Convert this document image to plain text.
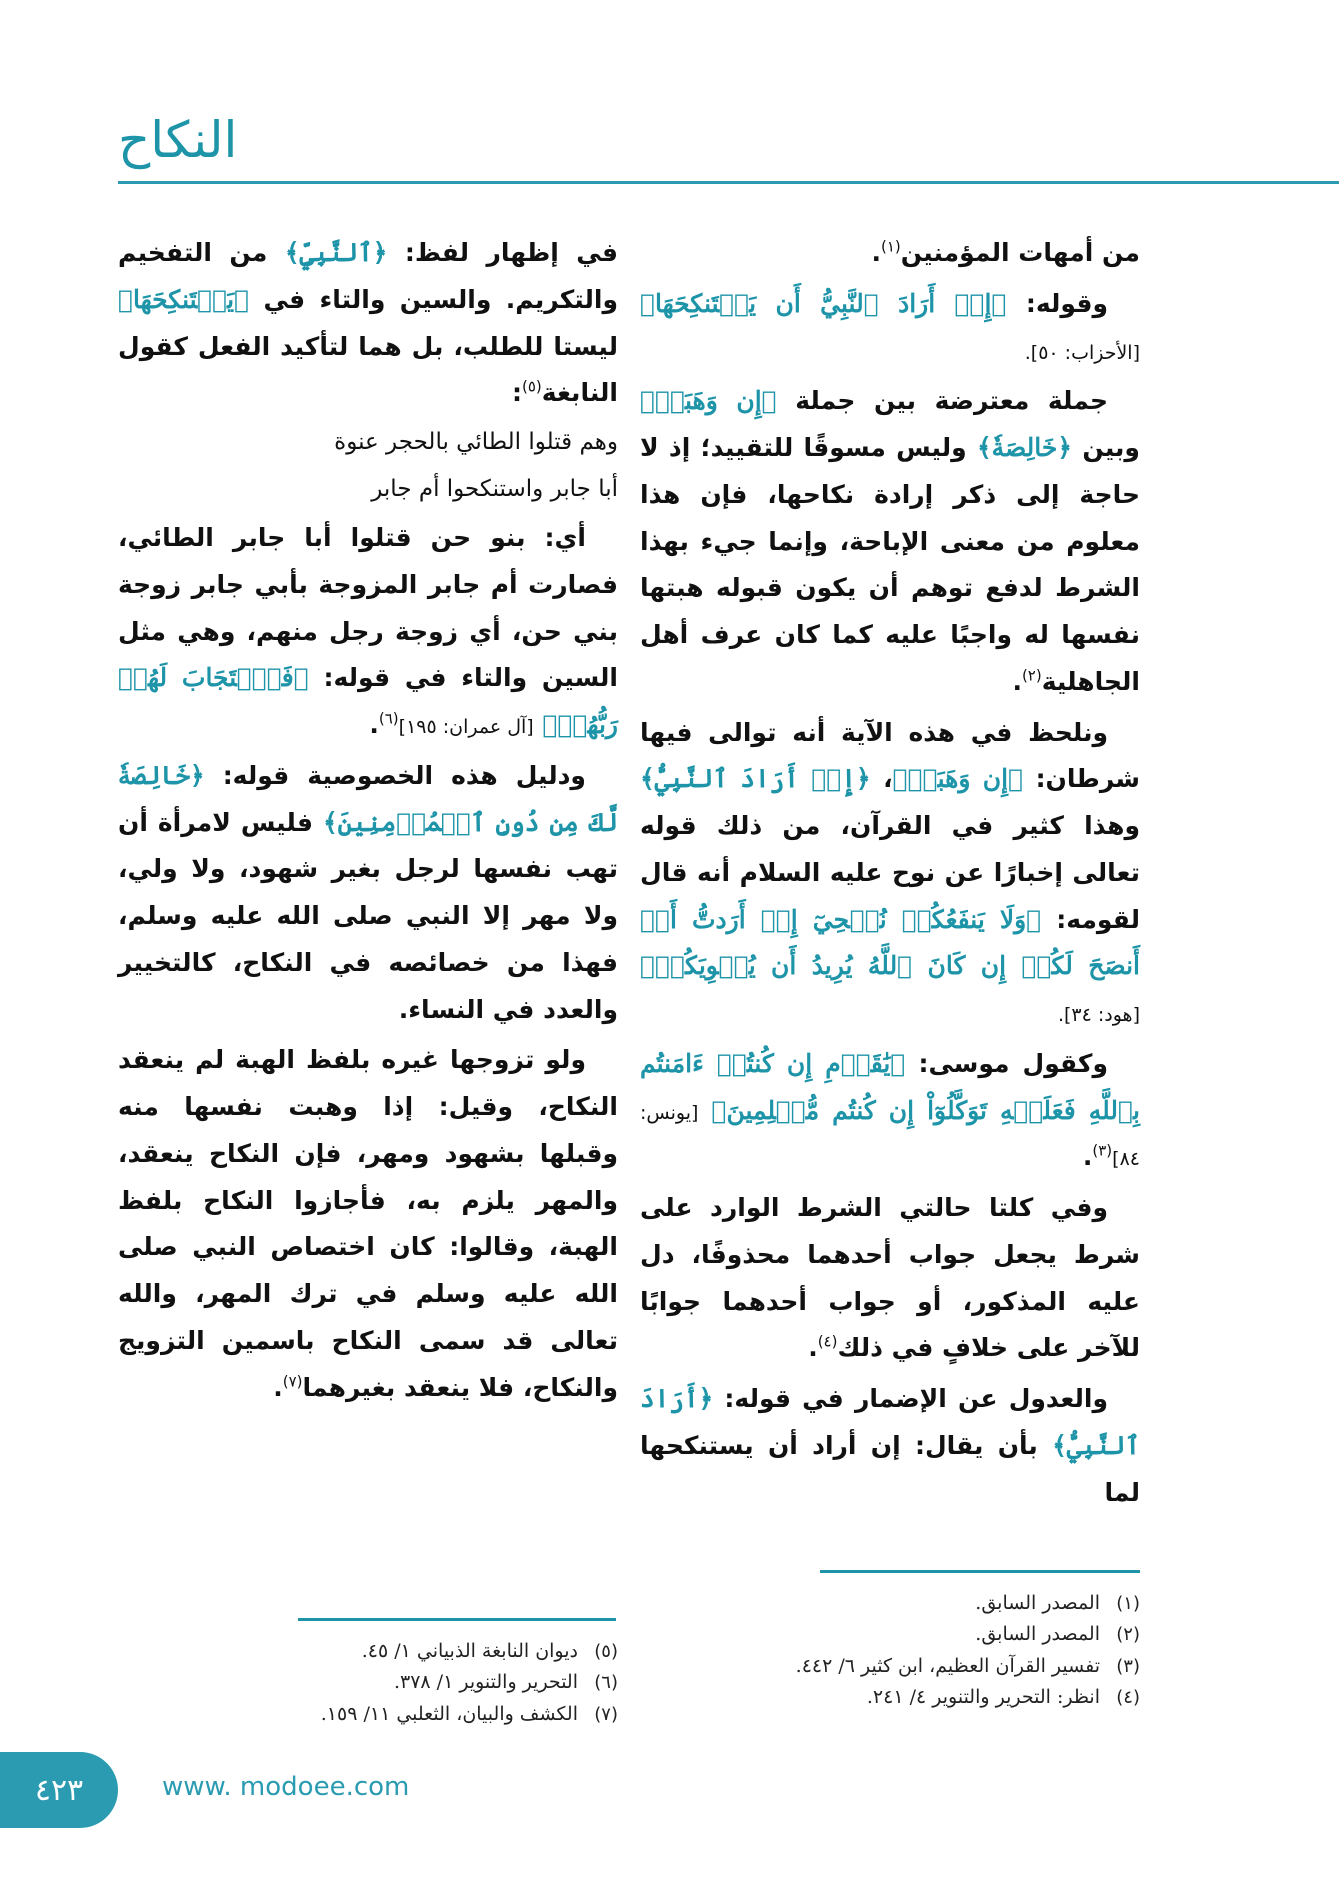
النكاح

من أمهات المؤمنين$^{(١)}$.

وقوله: ﴿إِنۡ أَرَادَ ٱلنَّبِيُّ أَن يَسۡتَنكِحَهَا﴾ [الأحزاب: ٥٠].

جملة معترضة بين جملة ﴿إِن وَهَبَتۡ﴾ وبين ﴿خَالِصَةٗ﴾ وليس مسوقًا للتقييد؛ إذ لا حاجة إلى ذكر إرادة نكاحها، فإن هذا معلوم من معنى الإباحة، وإنما جيء بهذا الشرط لدفع توهم أن يكون قبوله هبتها نفسها له واجبًا عليه كما كان عرف أهل الجاهلية$^{(٢)}$.

ونلحظ في هذه الآية أنه توالى فيها شرطان: ﴿إِن وَهَبَتۡ﴾، ﴿إِنۡ أَرَادَ ٱلنَّبِيُّ﴾ وهذا كثير في القرآن، من ذلك قوله تعالى إخبارًا عن نوح عليه السلام أنه قال لقومه: ﴿وَلَا يَنفَعُكُمۡ نُصۡحِيٓ إِنۡ أَرَدتُّ أَنۡ أَنصَحَ لَكُمۡ إِن كَانَ ٱللَّهُ يُرِيدُ أَن يُغۡوِيَكُمۡ﴾ [هود: ٣٤].

وكقول موسى: ﴿يَٰقَوۡمِ إِن كُنتُمۡ ءَامَنتُم بِٱللَّهِ فَعَلَيۡهِ تَوَكَّلُوٓاْ إِن كُنتُم مُّسۡلِمِينَ﴾ [يونس: ٨٤]$^{(٣)}$.

وفي كلتا حالتي الشرط الوارد على شرط يجعل جواب أحدهما محذوفًا، دل عليه المذكور، أو جواب أحدهما جوابًا للآخر على خلافٍ في ذلك$^{(٤)}$.

والعدول عن الإضمار في قوله: ﴿أَرَادَ ٱلنَّبِيُّ﴾ بأن يقال: إن أراد أن يستنكحها لما

في إظهار لفظ: ﴿ٱلنَّبِيِّ﴾ من التفخيم والتكريم. والسين والتاء في ﴿يَسۡتَنكِحَهَا﴾ ليستا للطلب، بل هما لتأكيد الفعل كقول النابغة$^{(٥)}$:

وهم قتلوا الطائي بالحجر عنوة

أبا جابر واستنكحوا أم جابر

أي: بنو حن قتلوا أبا جابر الطائي، فصارت أم جابر المزوجة بأبي جابر زوجة بني حن، أي زوجة رجل منهم، وهي مثل السين والتاء في قوله: ﴿فَٱسۡتَجَابَ لَهُمۡ رَبُّهُمۡ﴾ [آل عمران: ١٩٥]$^{(٦)}$.

ودليل هذه الخصوصية قوله: ﴿خَالِصَةٗ لَّكَ مِن دُونِ ٱلۡمُؤۡمِنِينَ﴾ فليس لامرأة أن تهب نفسها لرجل بغير شهود، ولا ولي، ولا مهر إلا النبي صلى الله عليه وسلم، فهذا من خصائصه في النكاح، كالتخيير والعدد في النساء.

ولو تزوجها غيره بلفظ الهبة لم ينعقد النكاح، وقيل: إذا وهبت نفسها منه وقبلها بشهود ومهر، فإن النكاح ينعقد، والمهر يلزم به، فأجازوا النكاح بلفظ الهبة، وقالوا: كان اختصاص النبي صلى الله عليه وسلم في ترك المهر، والله تعالى قد سمى النكاح باسمين التزويج والنكاح، فلا ينعقد بغيرهما$^{(٧)}$.

(١)المصدر السابق.
(٢)المصدر السابق.
(٣)تفسير القرآن العظيم، ابن كثير ٦/ ٤٤٢.
(٤)انظر: التحرير والتنوير ٤/ ٢٤١.
(٥)ديوان النابغة الذبياني ١/ ٤٥.
(٦)التحرير والتنوير ١/ ٣٧٨.
(٧)الكشف والبيان، الثعلبي ١١/ ١٥٩.
٤٢٣	www. modoee.com
